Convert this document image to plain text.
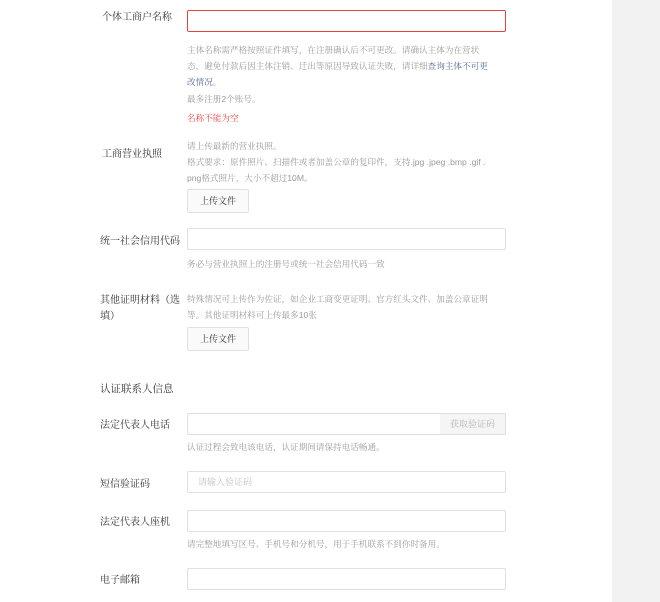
个体工商户名称
主体名称需严格按照证件填写，在注册确认后不可更改。请确认主体为在营状
态，避免付款后因主体注销、迁出等原因导致认证失败，请详细查询主体不可更
改情况。
最多注册2个账号。
名称不能为空
工商营业执照
请上传最新的营业执照。
格式要求：原件照片、扫描件或者加盖公章的复印件，支持.jpg .jpeg .bmp .gif .
png格式照片，大小不超过10M。
上传文件
统一社会信用代码
务必与营业执照上的注册号或统一社会信用代码一致
其他证明材料（选
填）
特殊情况可上传作为佐证，如企业工商变更证明、官方红头文件、加盖公章证明
等。其他证明材料可上传最多10张
上传文件
认证联系人信息
法定代表人电话	获取验证码
认证过程会致电该电话，认证期间请保持电话畅通。
短信验证码
请输入验证码
法定代表人座机
请完整地填写区号、手机号和分机号，用于手机联系不到你时备用。
电子邮箱
